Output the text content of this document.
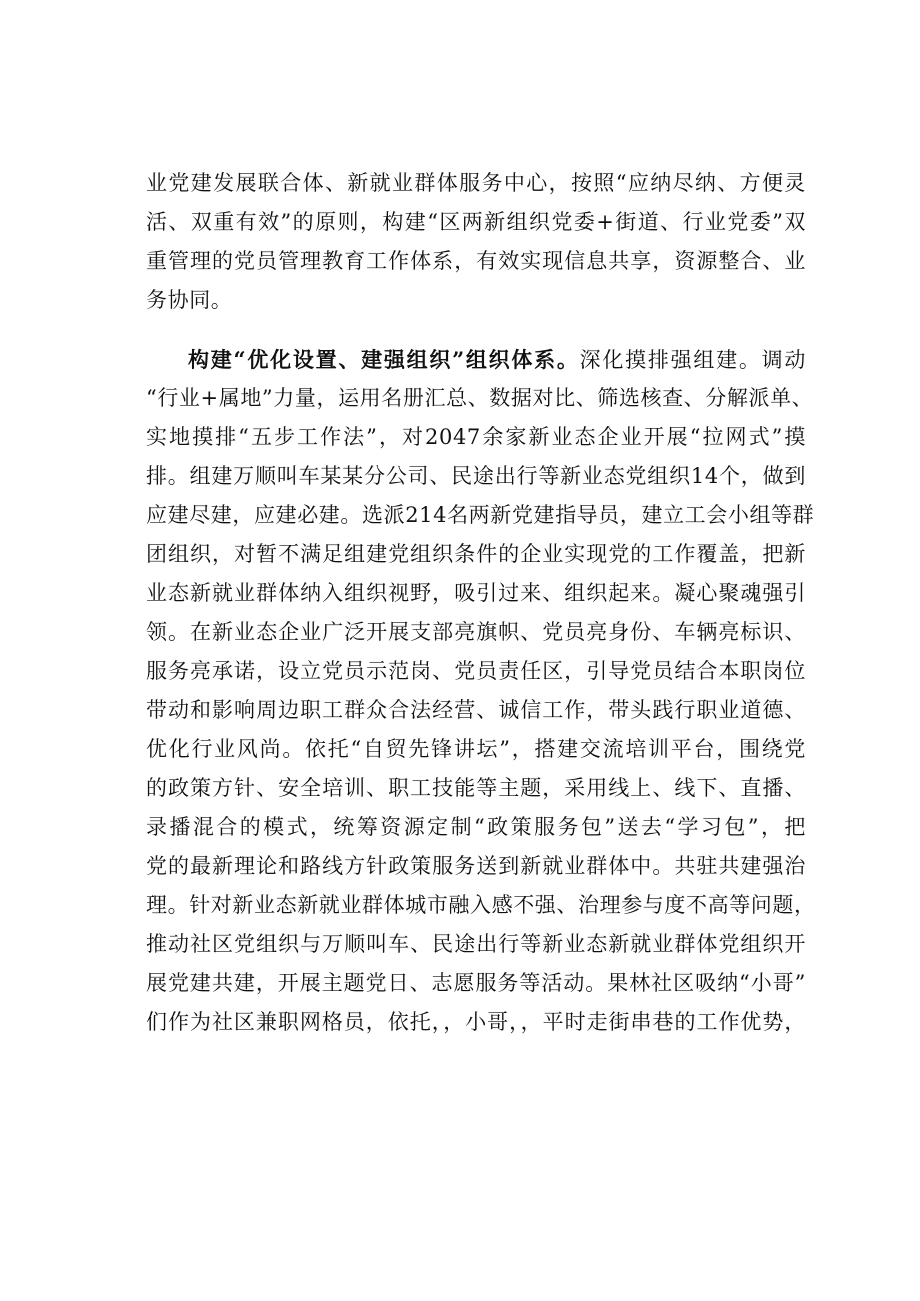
业党建发展联合体、新就业群体服务中心，按照“应纳尽纳、方便灵
活、双重有效”的原则，构建“区两新组织党委+街道、行业党委”双
重管理的党员管理教育工作体系，有效实现信息共享，资源整合、业
务协同。
构建“优化设置、建强组织”组织体系。深化摸排强组建。调动
“行业+属地”力量，运用名册汇总、数据对比、筛选核查、分解派单、
实地摸排“五步工作法”，对2047余家新业态企业开展“拉网式”摸
排。组建万顺叫车某某分公司、民途出行等新业态党组织14个，做到
应建尽建，应建必建。选派214名两新党建指导员，建立工会小组等群
团组织，对暂不满足组建党组织条件的企业实现党的工作覆盖，把新
业态新就业群体纳入组织视野，吸引过来、组织起来。凝心聚魂强引
领。在新业态企业广泛开展支部亮旗帜、党员亮身份、车辆亮标识、
服务亮承诺，设立党员示范岗、党员责任区，引导党员结合本职岗位
带动和影响周边职工群众合法经营、诚信工作，带头践行职业道德、
优化行业风尚。依托“自贸先锋讲坛”，搭建交流培训平台，围绕党
的政策方针、安全培训、职工技能等主题，采用线上、线下、直播、
录播混合的模式，统筹资源定制“政策服务包”送去“学习包”，把
党的最新理论和路线方针政策服务送到新就业群体中。共驻共建强治
理。针对新业态新就业群体城市融入感不强、治理参与度不高等问题，
推动社区党组织与万顺叫车、民途出行等新业态新就业群体党组织开
展党建共建，开展主题党日、志愿服务等活动。果林社区吸纳“小哥”
们作为社区兼职网格员，依托，，小哥，，平时走街串巷的工作优势，
